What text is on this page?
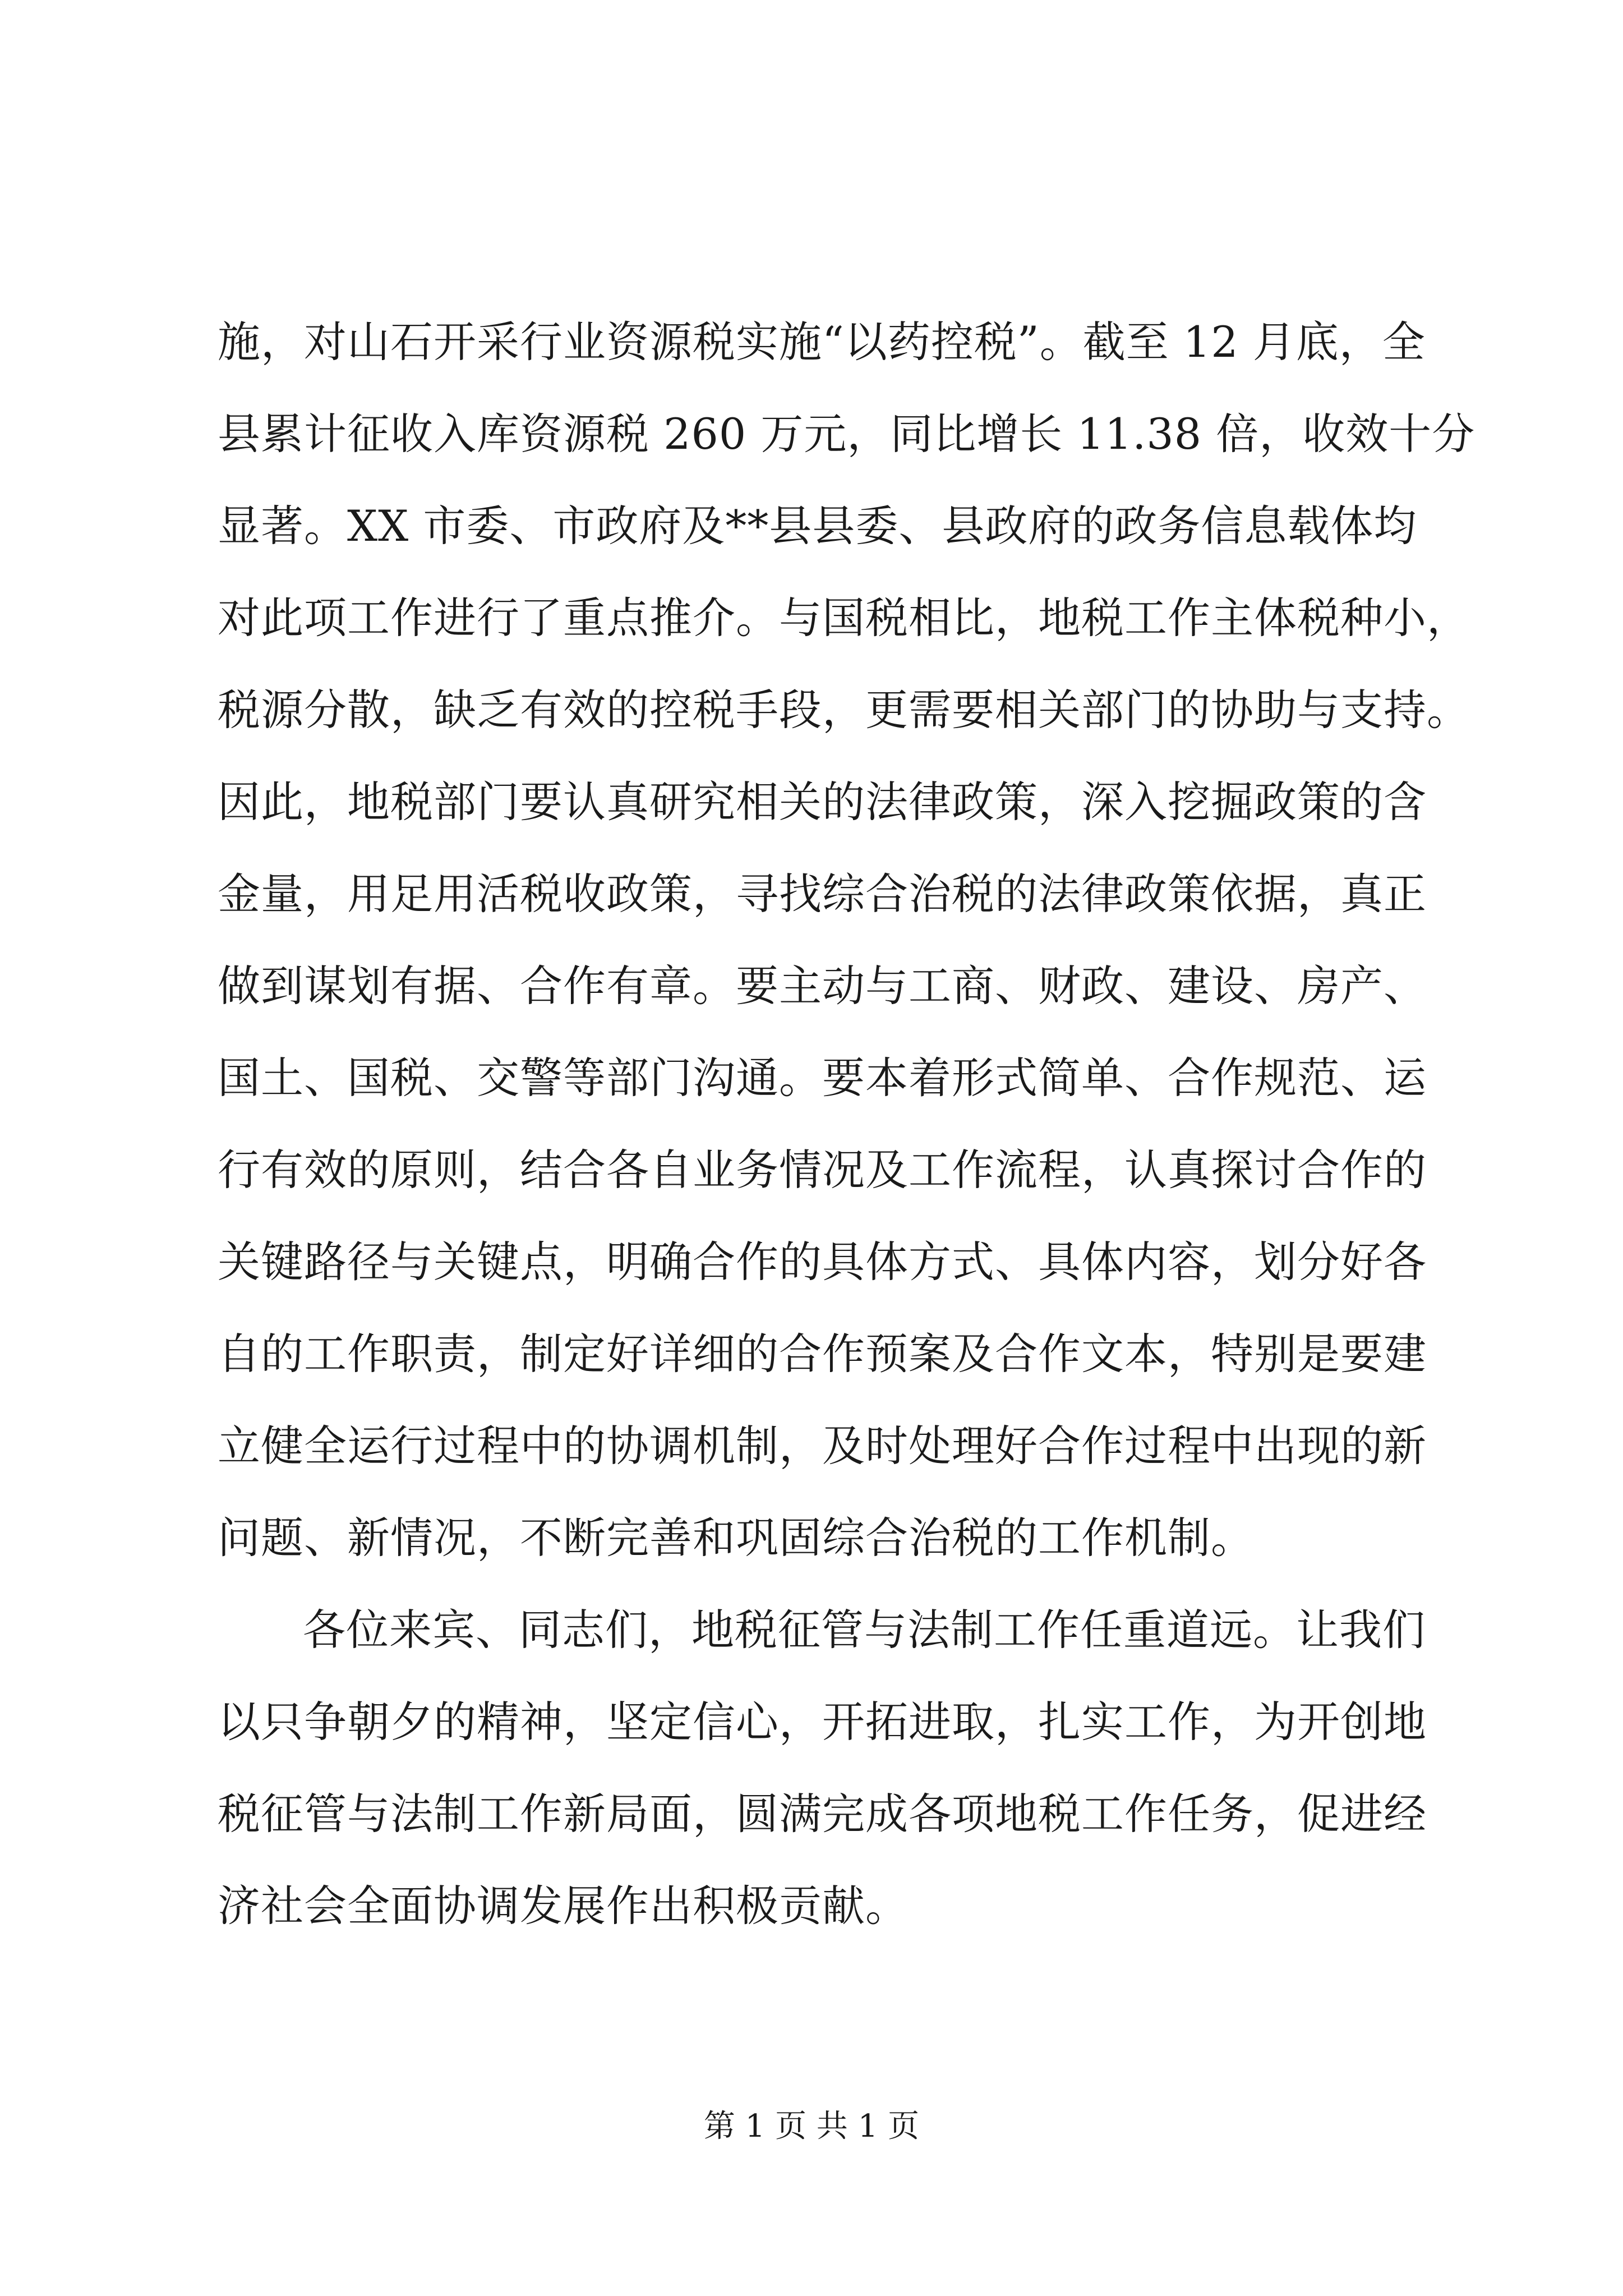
施，对山石开采行业资源税实施“以药控税”。截至 12 月底，全
县累计征收入库资源税 260 万元，同比增长 11.38 倍，收效十分
显著。XX 市委、市政府及**县县委、县政府的政务信息载体均
对此项工作进行了重点推介。与国税相比，地税工作主体税种小，
税源分散，缺乏有效的控税手段，更需要相关部门的协助与支持。
因此，地税部门要认真研究相关的法律政策，深入挖掘政策的含
金量，用足用活税收政策，寻找综合治税的法律政策依据，真正
做到谋划有据、合作有章。要主动与工商、财政、建设、房产、
国土、国税、交警等部门沟通。要本着形式简单、合作规范、运
行有效的原则，结合各自业务情况及工作流程，认真探讨合作的
关键路径与关键点，明确合作的具体方式、具体内容，划分好各
自的工作职责，制定好详细的合作预案及合作文本，特别是要建
立健全运行过程中的协调机制，及时处理好合作过程中出现的新
问题、新情况，不断完善和巩固综合治税的工作机制。
各位来宾、同志们，地税征管与法制工作任重道远。让我们
以只争朝夕的精神，坚定信心，开拓进取，扎实工作，为开创地
税征管与法制工作新局面，圆满完成各项地税工作任务，促进经
济社会全面协调发展作出积极贡献。
第 1 页 共 1 页
